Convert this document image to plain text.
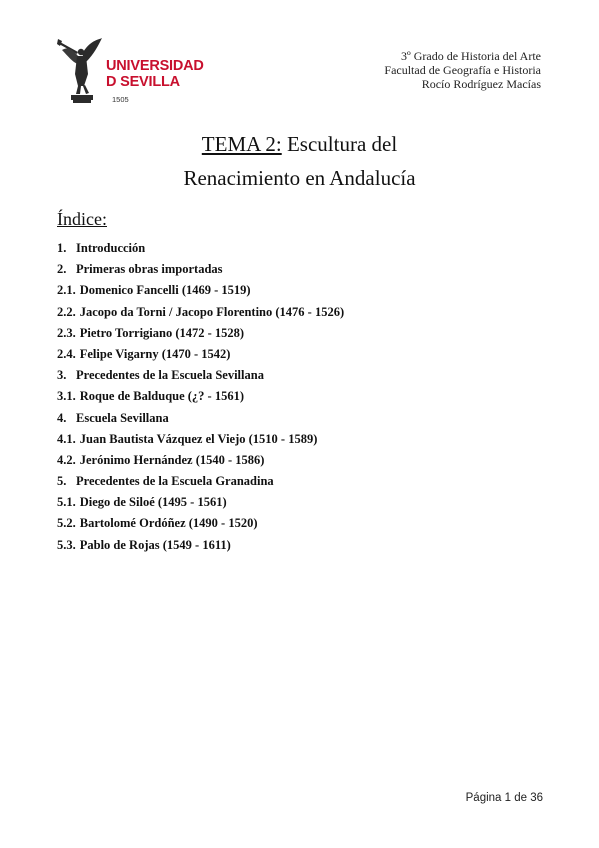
UNIVERSIDAD
D SEVILLA
1505
3º Grado de Historia del Arte
Facultad de Geografía e Historia
Rocío Rodríguez Macías
TEMA 2: Escultura del
Renacimiento en Andalucía
Índice:
1. Introducción
2. Primeras obras importadas
2.1. Domenico Fancelli (1469 - 1519)
2.2. Jacopo da Torni / Jacopo Florentino (1476 - 1526)
2.3. Pietro Torrigiano (1472 - 1528)
2.4. Felipe Vigarny (1470 - 1542)
3. Precedentes de la Escuela Sevillana
3.1. Roque de Balduque (¿? - 1561)
4. Escuela Sevillana
4.1. Juan Bautista Vázquez el Viejo (1510 - 1589)
4.2. Jerónimo Hernández (1540 - 1586)
5. Precedentes de la Escuela Granadina
5.1. Diego de Siloé (1495 - 1561)
5.2. Bartolomé Ordóñez (1490 - 1520)
5.3. Pablo de Rojas (1549 - 1611)
Página 1 de 36
